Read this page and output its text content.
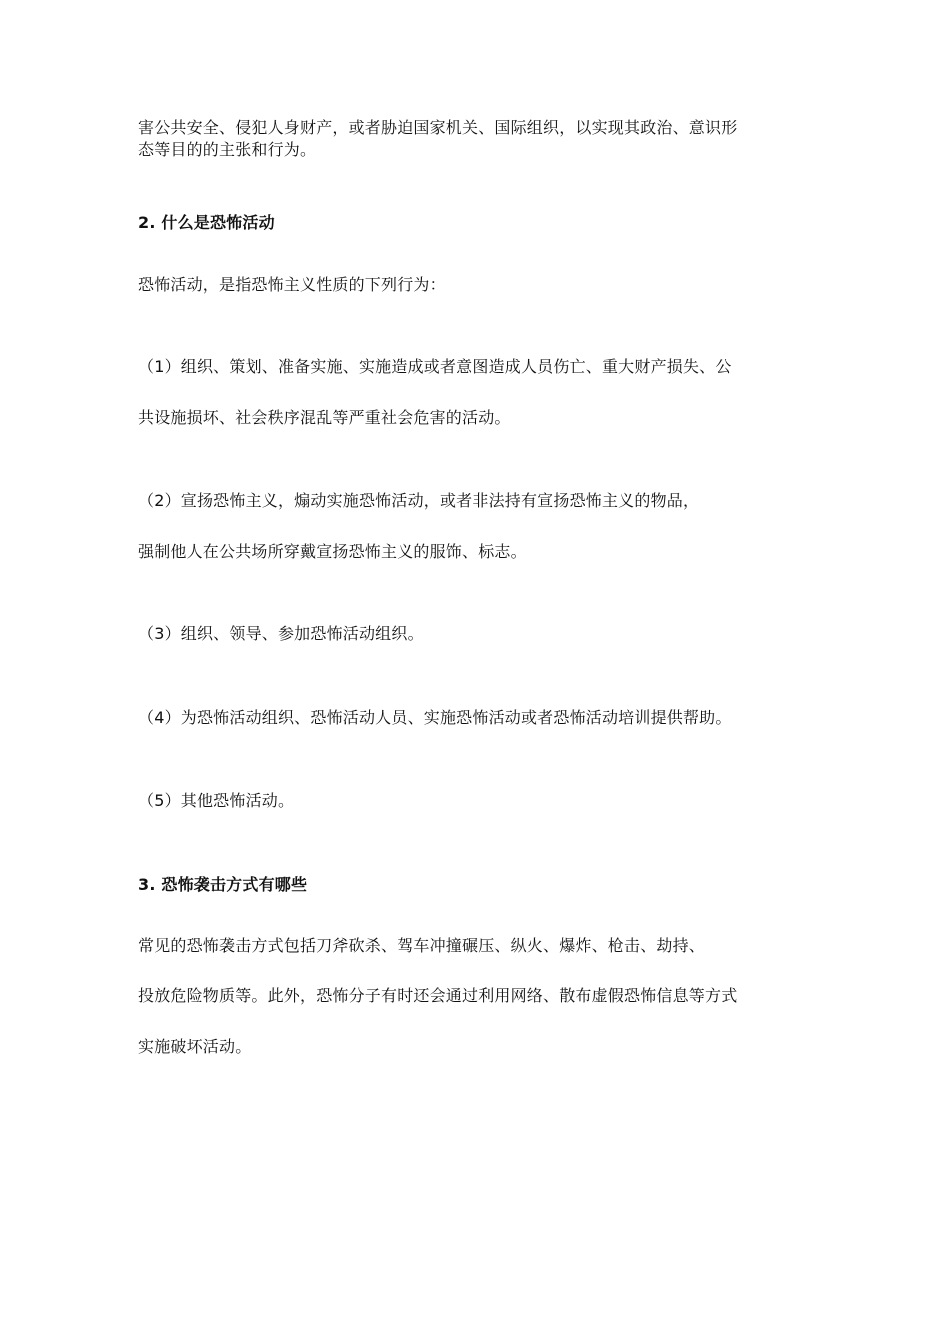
害公共安全、侵犯人身财产，或者胁迫国家机关、国际组织，以实现其政治、意识形
态等目的的主张和行为。
2. 什么是恐怖活动
恐怖活动，是指恐怖主义性质的下列行为：
（1）组织、策划、准备实施、实施造成或者意图造成人员伤亡、重大财产损失、公
共设施损坏、社会秩序混乱等严重社会危害的活动。
（2）宣扬恐怖主义，煽动实施恐怖活动，或者非法持有宣扬恐怖主义的物品，
强制他人在公共场所穿戴宣扬恐怖主义的服饰、标志。
（3）组织、领导、参加恐怖活动组织。
（4）为恐怖活动组织、恐怖活动人员、实施恐怖活动或者恐怖活动培训提供帮助。
（5）其他恐怖活动。
3. 恐怖袭击方式有哪些
常见的恐怖袭击方式包括刀斧砍杀、驾车冲撞碾压、纵火、爆炸、枪击、劫持、
投放危险物质等。此外，恐怖分子有时还会通过利用网络、散布虚假恐怖信息等方式
实施破坏活动。
